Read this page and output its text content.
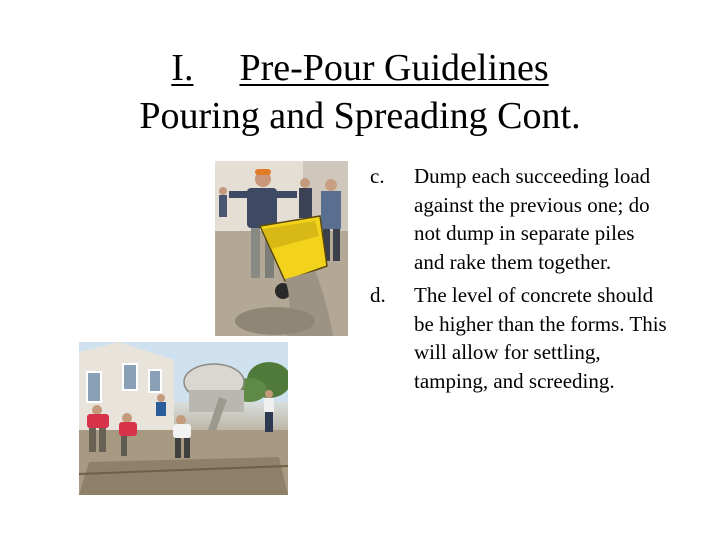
I. Pre-Pour Guidelines
Pouring and Spreading Cont.
c. Dump each succeeding load against the previous one; do not dump in separate piles and rake them together.
d. The level of concrete should be higher than the forms. This will allow for settling, tamping, and screeding.
